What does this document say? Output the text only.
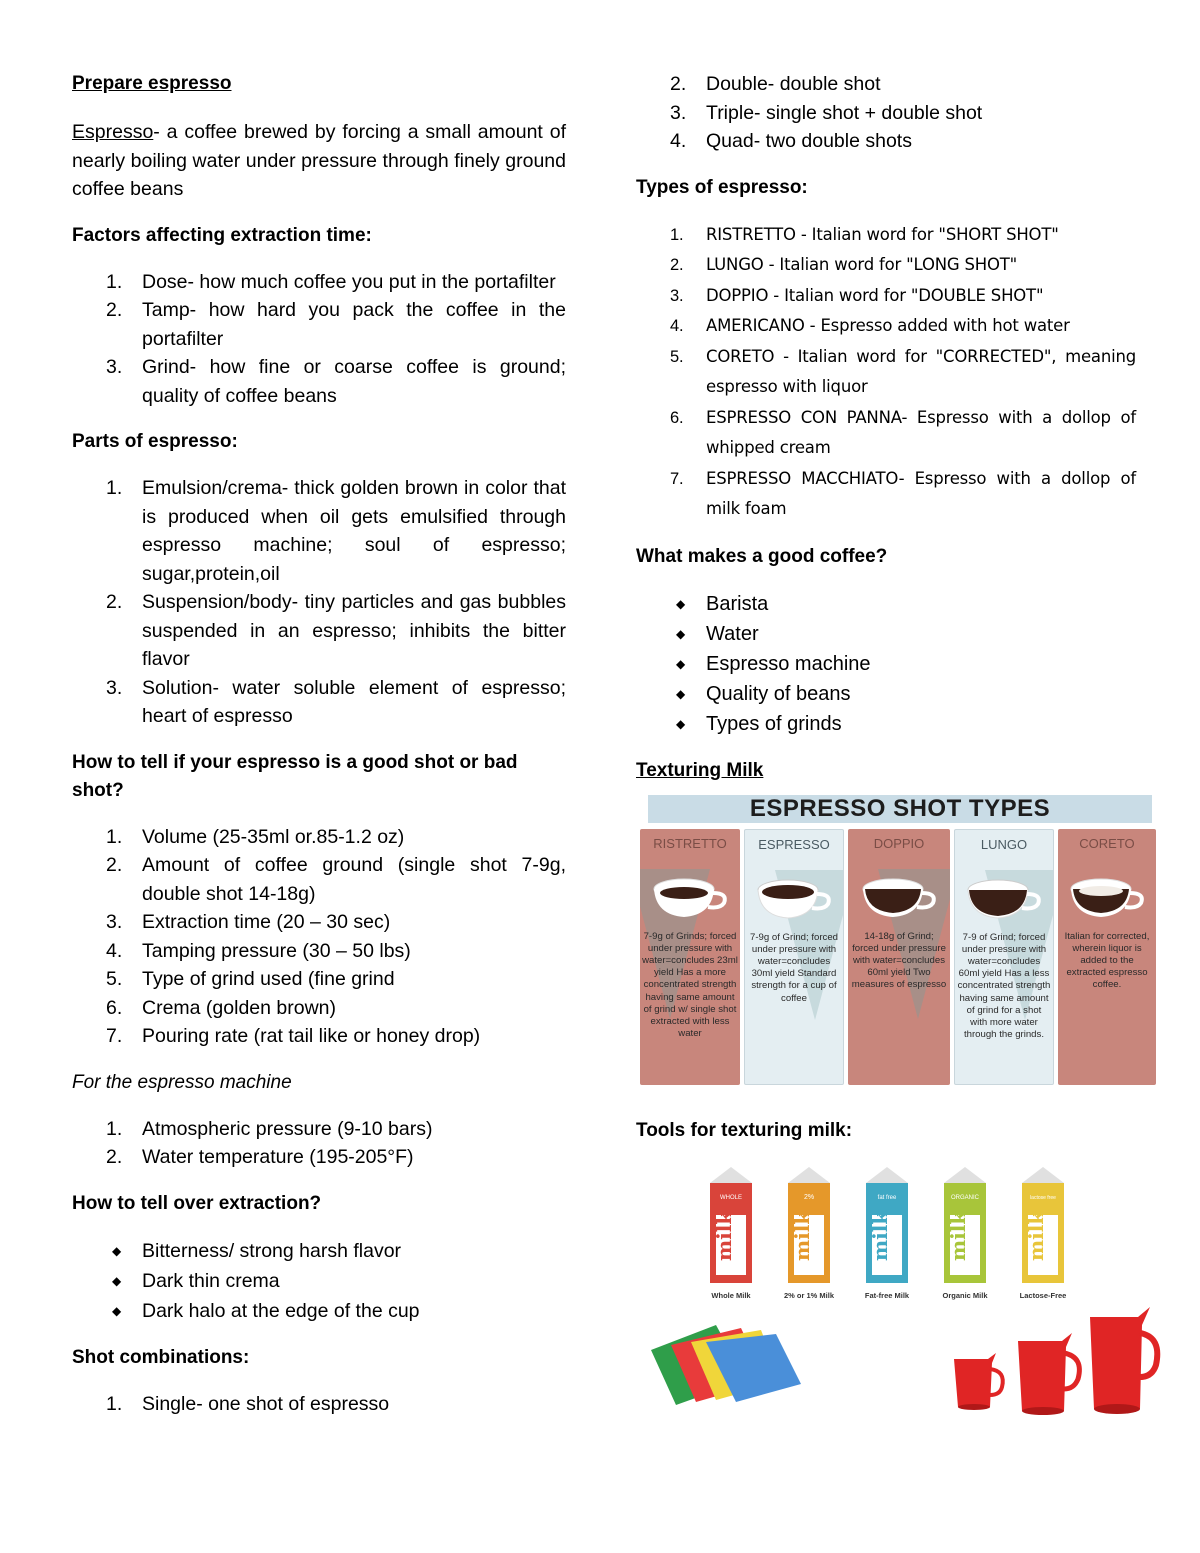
Prepare espresso
Espresso- a coffee brewed by forcing a small amount of nearly boiling water under pressure through finely ground coffee beans
Factors affecting extraction time:
1.	Dose- how much coffee you put in the portafilter
2.	Tamp- how hard you pack the coffee in the portafilter
3.	Grind- how fine or coarse coffee is ground; quality of coffee beans
Parts of espresso:
1.	Emulsion/crema- thick golden brown in color that is produced when oil gets emulsified through espresso machine; soul of espresso; sugar,protein,oil
2.	Suspension/body- tiny particles and gas bubbles suspended in an espresso; inhibits the bitter flavor
3.	Solution- water soluble element of espresso; heart of espresso
How to tell if your espresso is a good shot or bad shot?
1.	Volume (25-35ml or.85-1.2 oz)
2.	Amount of coffee ground (single shot 7-9g, double shot 14-18g)
3.	Extraction time (20 – 30 sec)
4.	Tamping pressure (30 – 50 lbs)
5.	Type of grind used (fine grind
6.	Crema (golden brown)
7.	Pouring rate (rat tail like or honey drop)
For the espresso machine
1.	Atmospheric pressure (9-10 bars)
2.	Water temperature (195-205°F)
How to tell over extraction?
◆	Bitterness/ strong harsh flavor
◆	Dark thin crema
◆	Dark halo at the edge of the cup
Shot combinations:
1.	Single- one shot of espresso
2.	Double- double shot
3.	Triple- single shot + double shot
4.	Quad- two double shots
Types of espresso:
1.	RISTRETTO - Italian word for "SHORT SHOT"
2.	LUNGO - Italian word for "LONG SHOT"
3.	DOPPIO - Italian word for "DOUBLE SHOT"
4.	AMERICANO - Espresso added with hot water
5.	CORETO - Italian word for "CORRECTED", meaning espresso with liquor
6.	ESPRESSO CON PANNA- Espresso with a dollop of whipped cream
7.	ESPRESSO MACCHIATO- Espresso with a dollop of milk foam
What makes a good coffee?
◆	Barista
◆	Water
◆	Espresso machine
◆	Quality of beans
◆	Types of grinds
Texturing Milk
ESPRESSO SHOT TYPES
RISTRETTO
7-9g of Grinds; forced under pressure with water=concludes 23ml yield Has a more concentrated strength having same amount of grind w/ single shot extracted with less water
ESPRESSO
7-9g of Grind; forced under pressure with water=concludes 30ml yield Standard strength for a cup of coffee
DOPPIO
14-18g of Grind; forced under pressure with water=concludes 60ml yield Two measures of espresso
LUNGO
7-9 of Grind; forced under pressure with water=concludes 60ml yield Has a less concentrated strength having same amount of grind for a shot with more water through the grinds.
CORETO
Italian for corrected, wherein liquor is added to the extracted espresso coffee.
Tools for texturing milk:
milk
WHOLE
Whole Milk
milk
2%
2% or 1% Milk
milk
fat free
Fat-free Milk
milk
ORGANIC
Organic Milk
milk
lactose free
Lactose-Free
